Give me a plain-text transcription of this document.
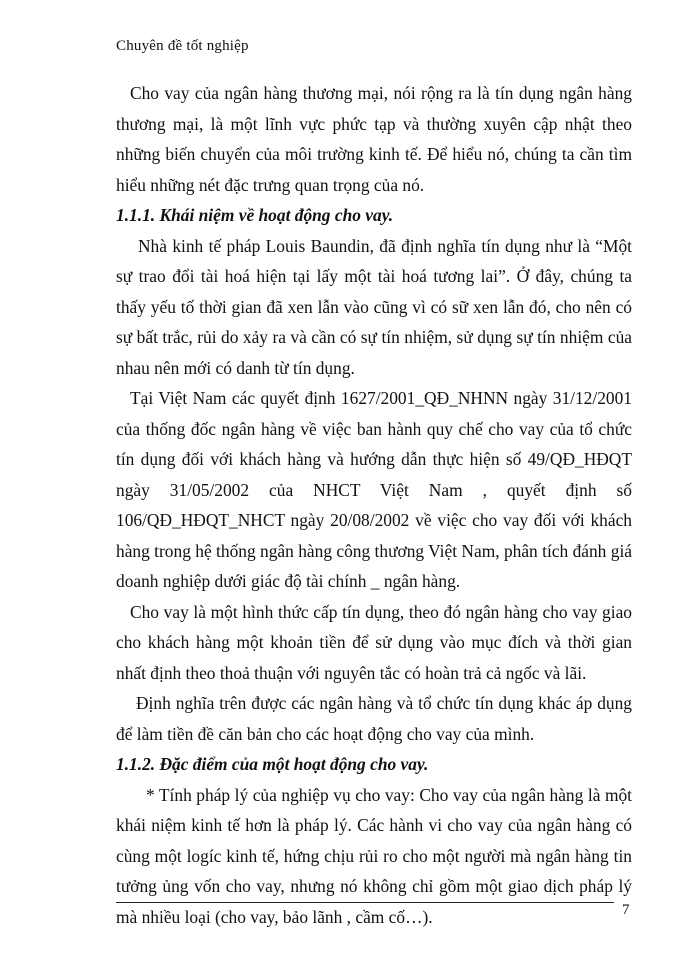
Chuyên đề tốt nghiệp

Cho vay của ngân hàng thương mại, nói rộng ra là tín dụng ngân hàng thương mại, là một lĩnh vực phức tạp và thường xuyên cập nhật theo những biến chuyển của môi trường kinh tế. Để hiểu nó, chúng ta cần tìm hiểu những nét đặc trưng quan trọng của nó.

1.1.1. Khái niệm về hoạt động cho vay.

Nhà kinh tế pháp Louis Baundin, đã định nghĩa tín dụng như là “Một sự trao đổi tài hoá hiện tại lấy một tài hoá tương lai”. Ở đây, chúng ta thấy yếu tố thời gian đã xen lẫn vào cũng vì có sữ xen lẫn đó, cho nên có sự bất trắc, rủi do xảy ra và cần có sự tín nhiệm, sử dụng sự tín nhiệm của nhau nên mới có danh từ tín dụng.

Tại Việt Nam các quyết định 1627/2001_QĐ_NHNN ngày 31/12/2001 của thống đốc ngân hàng về việc ban hành quy chế cho vay của tổ chức tín dụng đối với khách hàng và hướng dẫn thực hiện số 49/QĐ_HĐQT ngày 31/05/2002 của NHCT Việt Nam , quyết định số 106/QĐ_HĐQT_NHCT ngày 20/08/2002 về việc cho vay đối với khách hàng trong hệ thống ngân hàng công thương Việt Nam, phân tích đánh giá doanh nghiệp dưới giác độ tài chính _ ngân hàng.

Cho vay là một hình thức cấp tín dụng, theo đó ngân hàng cho vay giao cho khách hàng một khoản tiền để sử dụng vào mục đích và thời gian nhất định theo thoả thuận với nguyên tắc có hoàn trả cả ngốc và lãi.

Định nghĩa trên được các ngân hàng và tổ chức tín dụng khác áp dụng để làm tiền đề căn bản cho các hoạt động cho vay của mình.

1.1.2. Đặc điểm của một hoạt động cho vay.

* Tính pháp lý của nghiệp vụ cho vay: Cho vay của ngân hàng là một khái niệm kinh tế hơn là pháp lý. Các hành vi cho vay của ngân hàng có cùng một logíc kinh tế, hứng chịu rủi ro cho một người mà ngân hàng tin tưởng ủng vốn cho vay, nhưng nó không chỉ gồm một giao dịch pháp lý mà nhiều loại (cho vay, bảo lãnh , cầm cố…).	7
